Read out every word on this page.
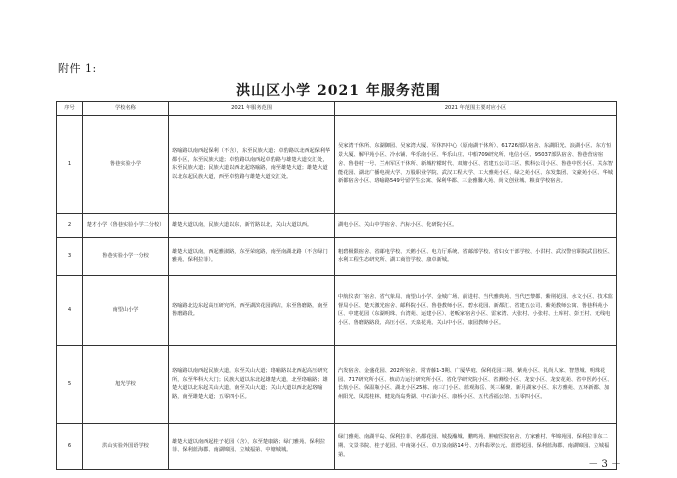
附件 1:
洪山区小学 2021 年服务范围
序号	学校名称	2021 年服务范围	2021 年范围主要对应小区
1	鲁巷实验小学	珞喻路以南西起保利（不含），东至民族大道；卓豹路以北西起保利华都小区，东至民族大道；卓豹路以南西起卓豹路与雄楚大道交汇处，东至民族大道；民族大道以西北起珞喻路，南至雄楚大道；雄楚大道以北东起民族大道，西至卓豹路与雄楚大道交汇处。	吴家湾干休所、东湖御园、吴家湾大厦、军休四中心（原南湖干休所）、61726部队宿舍、东湖阳光、浪湖小区、东方恒景大厦、解甲苑小区、冷水铺、华乐南小区、华乐山庄、中船709研究所、电信小区、95037部队宿舍、鲁巷营房宿舍、鲁巷村一号、兰州军区干休所、新城柠檬时代、双塘小区、省建五公司三区、熊科公司小区、鲁巷中医小区、关东智能花园、湖北广播电视大学、万股职业学院、武汉工程大学、工大雅苑小区、绿之苑小区、东发集团、文豪苑小区、华城新都宿舍小区、珞喻路549号留学生公寓、保利华都、三金雅馨大苑、尚文创业城、粮食学校宿舍。
2	楚才小学（鲁巷实验小学二分校）	雄楚大道以南，民族大道以东，新竹路以北，关山大道以西。	湖电小区、关山中学宿舍、汽标小区、化研院小区。
3	鲁巷实验小学一分校	雄楚大道以南，西起雅淑路，东至荣庭路，南至南湖北路（不含绿门雅苑、保利拉菲）。	粗碧极限宿舍、省邮电学校、天鹅小区、电力厅系统、省邮部学校、省妇女干部学校、小洪村、武汉警官职院武昌校区、水利工程生态研究所、湖工商管学校、康卓新城。
4	南望山小学	珞喻路北边东起高压研究所，西至湖滨花园酒店，东至鲁磨路，南至鲁磨路段。	中航仪表厂宿舍、省气象局、南望山小学、金城广场、前进村、当代雅典苑、当代巴黎都、紫荆花园、水文小区、技术监督局小区、楚天激光宿舍、邮科院小区、鲁巷教师小区、碧水花园、新都汇、省建五公司、紫苑教师公寓、鲁巷科苑小区、中建花园（东湖明珠、台湾苑、运建小区）、老畈家宿舍小区、雷家湾、大张村、小张村、土库村、彭王村、无线电小区、鲁磨路路段、高压小区、天泉花苑、关山中小区、康园教师小区。
5	旭光学校	珞喻路以南西起民族大道，东至关山大道；珞喻路以北西起高压研究所，东至华科大大门；民族大道以东北起雄楚大道，北至珞喻路；雄楚大道以北东起关山大道，南至关山大道；关山大道以西北起珞喻路，南至雄楚大道；五零四小区。	汽发宿舍、金盛花园、202所宿舍、常青藤1-3期、广厦华庭、保利花园三期、紫苑小区、礼尚人家、智慧城、明珠花园、717研究所小区、核动力运行研究所小区、省化学研究院小区、省测绘小区、龙安小区、龙安花苑、省中医药小区、长航小区、保温瓶小区、湖北小区25栋、南三门小区、蓝观海岳、英三稀聚、新月湖家小区、东方雅苑、五环新都、加州阳光、凤霞桂林、健龙尚岛秀湖、中石油小区、康桥小区、五代香福公馆、五零四小区。
6	洪山实验外国语学校	雄楚大道以南西起桂子花园（含），东至楚康路；绿门雅苑、保利拉菲、保利蓝海郡、南湖锦园、立城福第、中塘城城。	绿门雅苑、南湖半岛、保利拉菲、名都花园、城投瀚城、鹏鸣苑、肿瘤医院宿舍、方家雅村、华锦苑园、保利拉菲东二期、文景书院、桂子花园、中南第小区、卓万泉南路14号、万科翡翠公元、蓝德花园、保利蓝海郡、南湖锦园、立城福第。
－ 3 －
